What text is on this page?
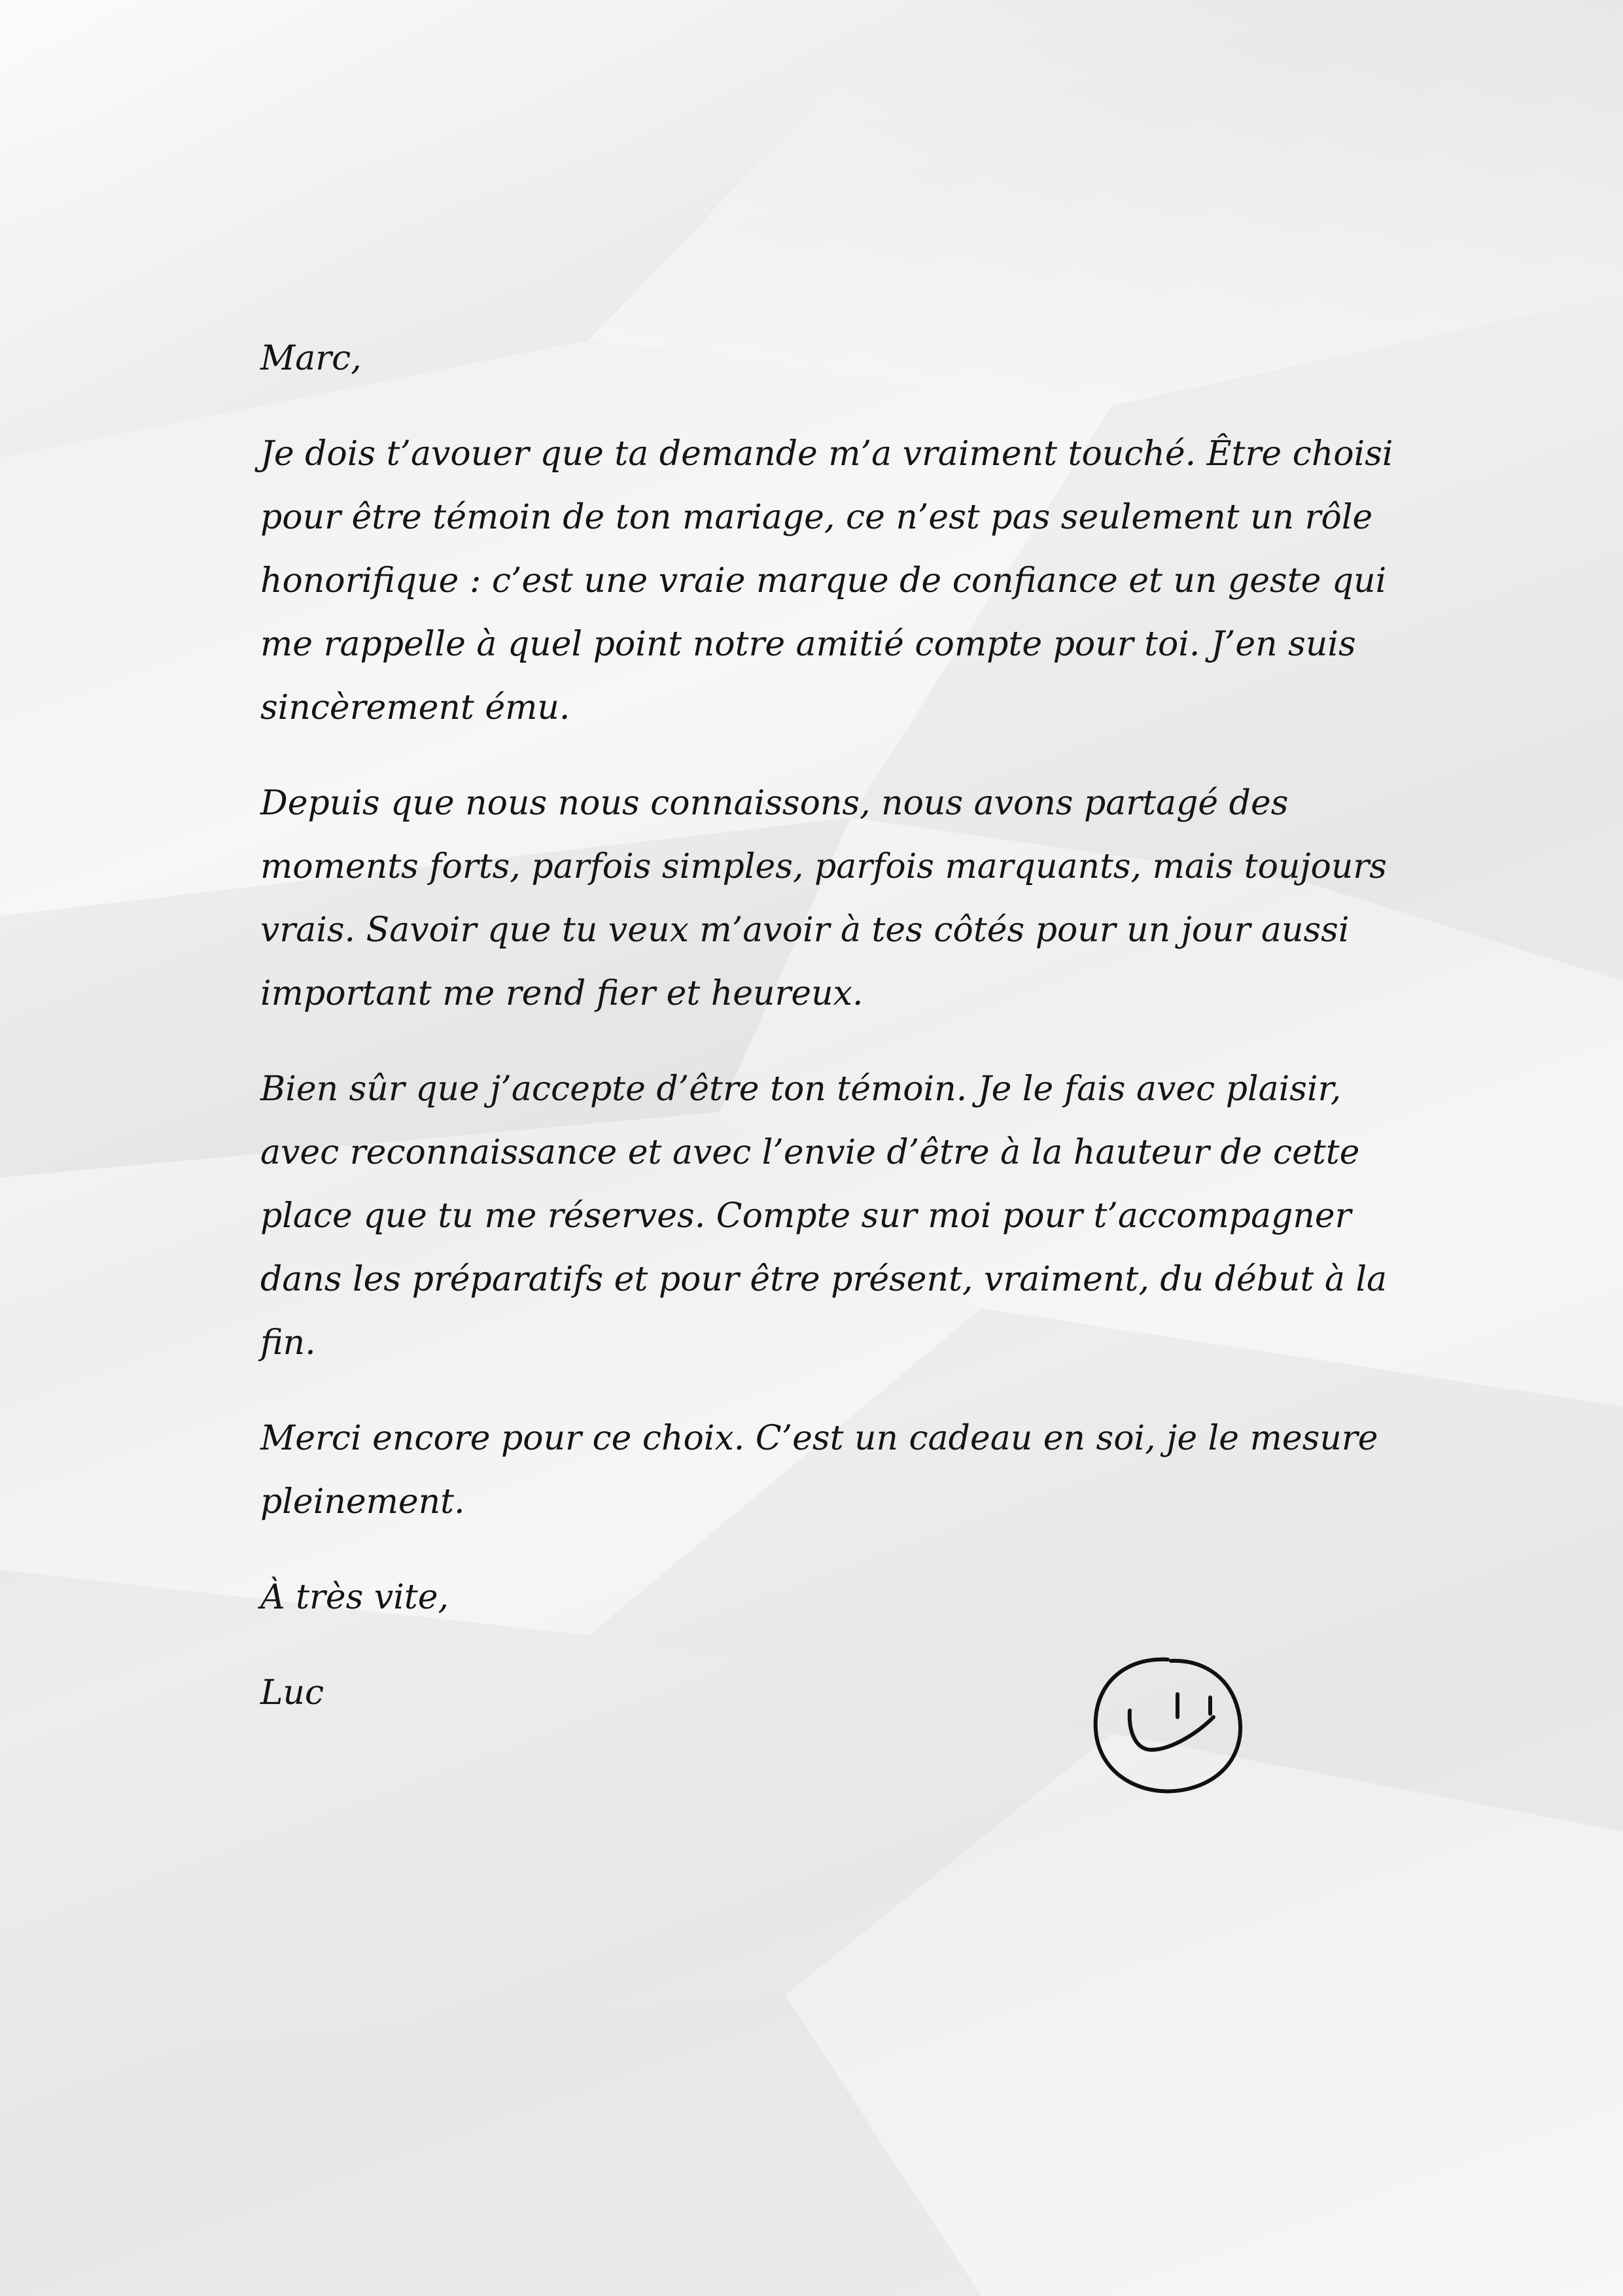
Marc,

Je dois t’avouer que ta demande m’a vraiment touché. Être choisi pour être témoin de ton mariage, ce n’est pas seulement un rôle honorifique : c’est une vraie marque de confiance et un geste qui me rappelle à quel point notre amitié compte pour toi. J’en suis sincèrement ému.

Depuis que nous nous connaissons, nous avons partagé des moments forts, parfois simples, parfois marquants, mais toujours vrais. Savoir que tu veux m’avoir à tes côtés pour un jour aussi important me rend fier et heureux.

Bien sûr que j’accepte d’être ton témoin. Je le fais avec plaisir, avec reconnaissance et avec l’envie d’être à la hauteur de cette place que tu me réserves. Compte sur moi pour t’accompagner dans les préparatifs et pour être présent, vraiment, du début à la fin.

Merci encore pour ce choix. C’est un cadeau en soi, je le mesure pleinement.

À très vite,

Luc
